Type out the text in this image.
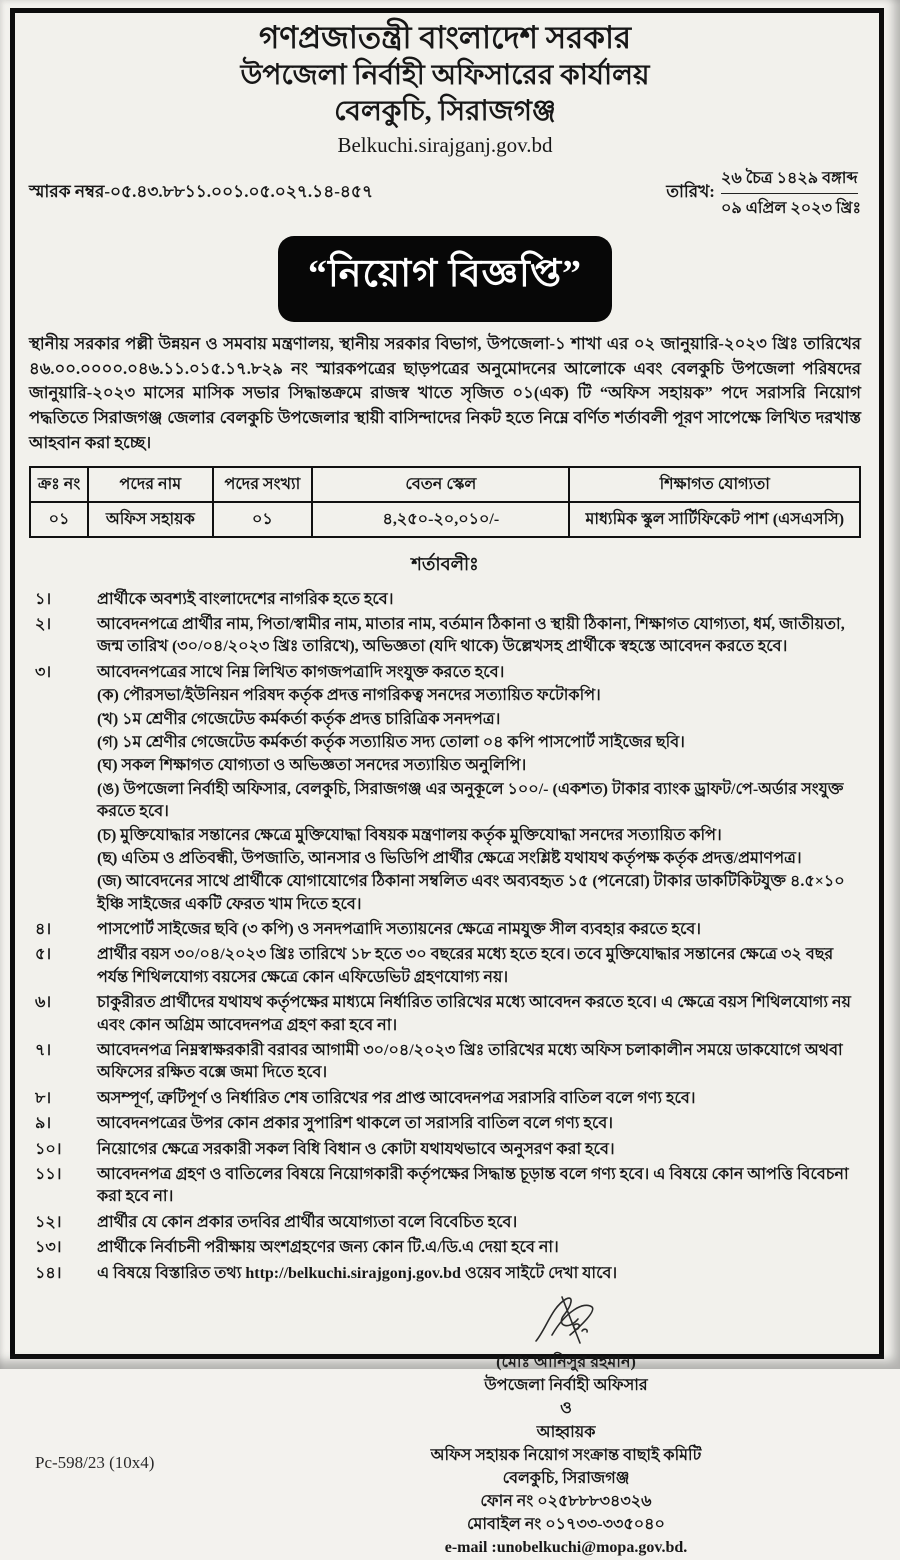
গণপ্রজাতন্ত্রী বাংলাদেশ সরকার
উপজেলা নির্বাহী অফিসারের কার্যালয়
বেলকুচি, সিরাজগঞ্জ
Belkuchi.sirajganj.gov.bd
স্মারক নম্বর-০৫.৪৩.৮৮১১.০০১.০৫.০২৭.১৪-৪৫৭	তারিখ:
২৬ চৈত্র ১৪২৯ বঙ্গাব্দ
০৯ এপ্রিল ২০২৩ খ্রিঃ
“নিয়োগ বিজ্ঞপ্তি”
স্থানীয় সরকার পল্লী উন্নয়ন ও সমবায় মন্ত্রণালয়, স্থানীয় সরকার বিভাগ, উপজেলা-১ শাখা এর ০২ জানুয়ারি-২০২৩ খ্রিঃ তারিখের ৪৬.০০.০০০০.০৪৬.১১.০১৫.১৭.৮২৯ নং স্মারকপত্রের ছাড়পত্রের অনুমোদনের আলোকে এবং বেলকুচি উপজেলা পরিষদের জানুয়ারি-২০২৩ মাসের মাসিক সভার সিদ্ধান্তক্রমে রাজস্ব খাতে সৃজিত ০১(এক) টি “অফিস সহায়ক” পদে সরাসরি নিয়োগ পদ্ধতিতে সিরাজগঞ্জ জেলার বেলকুচি উপজেলার স্থায়ী বাসিন্দাদের নিকট হতে নিম্নে বর্ণিত শর্তাবলী পূরণ সাপেক্ষে লিখিত দরখাস্ত আহবান করা হচ্ছে।
ক্রঃ নং	পদের নাম	পদের সংখ্যা	বেতন স্কেল	শিক্ষাগত যোগ্যতা
০১	অফিস সহায়ক	০১	৪,২৫০-২০,০১০/-	মাধ্যমিক স্কুল সার্টিফিকেট পাশ (এসএসসি)
শর্তাবলীঃ
১।	প্রার্থীকে অবশ্যই বাংলাদেশের নাগরিক হতে হবে।
২।	আবেদনপত্রে প্রার্থীর নাম, পিতা/স্বামীর নাম, মাতার নাম, বর্তমান ঠিকানা ও স্থায়ী ঠিকানা, শিক্ষাগত যোগ্যতা, ধর্ম, জাতীয়তা, জন্ম তারিখ (৩০/০৪/২০২৩ খ্রিঃ তারিখে), অভিজ্ঞতা (যদি থাকে) উল্লেখসহ প্রার্থীকে স্বহস্তে আবেদন করতে হবে।
৩।	আবেদনপত্রের সাথে নিম্ন লিখিত কাগজপত্রাদি সংযুক্ত করতে হবে।
(ক) পৌরসভা/ইউনিয়ন পরিষদ কর্তৃক প্রদত্ত নাগরিকত্ব সনদের সত্যায়িত ফটোকপি।
(খ) ১ম শ্রেণীর গেজেটেড কর্মকর্তা কর্তৃক প্রদত্ত চারিত্রিক সনদপত্র।
(গ) ১ম শ্রেণীর গেজেটেড কর্মকর্তা কর্তৃক সত্যায়িত সদ্য তোলা ০৪ কপি পাসপোর্ট সাইজের ছবি।
(ঘ) সকল শিক্ষাগত যোগ্যতা ও অভিজ্ঞতা সনদের সত্যায়িত অনুলিপি।
(ঙ) উপজেলা নির্বাহী অফিসার, বেলকুচি, সিরাজগঞ্জ এর অনুকূলে ১০০/- (একশত) টাকার ব্যাংক ড্রাফট/পে-অর্ডার সংযুক্ত করতে হবে।
(চ) মুক্তিযোদ্ধার সন্তানের ক্ষেত্রে মুক্তিযোদ্ধা বিষয়ক মন্ত্রণালয় কর্তৃক মুক্তিযোদ্ধা সনদের সত্যায়িত কপি।
(ছ) এতিম ও প্রতিবন্ধী, উপজাতি, আনসার ও ভিডিপি প্রার্থীর ক্ষেত্রে সংশ্লিষ্ট যথাযথ কর্তৃপক্ষ কর্তৃক প্রদত্ত/প্রমাণপত্র।
(জ) আবেদনের সাথে প্রার্থীকে যোগাযোগের ঠিকানা সম্বলিত এবং অব্যবহৃত ১৫ (পনেরো) টাকার ডাকটিকিটযুক্ত ৪.৫×১০ ইঞ্চি সাইজের একটি ফেরত খাম দিতে হবে।
৪।	পাসপোর্ট সাইজের ছবি (৩ কপি) ও সনদপত্রাদি সত্যায়নের ক্ষেত্রে নামযুক্ত সীল ব্যবহার করতে হবে।
৫।	প্রার্থীর বয়স ৩০/০৪/২০২৩ খ্রিঃ তারিখে ১৮ হতে ৩০ বছরের মধ্যে হতে হবে। তবে মুক্তিযোদ্ধার সন্তানের ক্ষেত্রে ৩২ বছর পর্যন্ত শিথিলযোগ্য বয়সের ক্ষেত্রে কোন এফিডেভিট গ্রহণযোগ্য নয়।
৬।	চাকুরীরত প্রার্থীদের যথাযথ কর্তৃপক্ষের মাধ্যমে নির্ধারিত তারিখের মধ্যে আবেদন করতে হবে। এ ক্ষেত্রে বয়স শিথিলযোগ্য নয় এবং কোন অগ্রিম আবেদনপত্র গ্রহণ করা হবে না।
৭।	আবেদনপত্র নিম্নস্বাক্ষরকারী বরাবর আগামী ৩০/০৪/২০২৩ খ্রিঃ তারিখের মধ্যে অফিস চলাকালীন সময়ে ডাকযোগে অথবা অফিসের রক্ষিত বক্সে জমা দিতে হবে।
৮।	অসম্পূর্ণ, ত্রুটিপূর্ণ ও নির্ধারিত শেষ তারিখের পর প্রাপ্ত আবেদনপত্র সরাসরি বাতিল বলে গণ্য হবে।
৯।	আবেদনপত্রের উপর কোন প্রকার সুপারিশ থাকলে তা সরাসরি বাতিল বলে গণ্য হবে।
১০।	নিয়োগের ক্ষেত্রে সরকারী সকল বিধি বিধান ও কোটা যথাযথভাবে অনুসরণ করা হবে।
১১।	আবেদনপত্র গ্রহণ ও বাতিলের বিষয়ে নিয়োগকারী কর্তৃপক্ষের সিদ্ধান্ত চূড়ান্ত বলে গণ্য হবে। এ বিষয়ে কোন আপত্তি বিবেচনা করা হবে না।
১২।	প্রার্থীর যে কোন প্রকার তদবির প্রার্থীর অযোগ্যতা বলে বিবেচিত হবে।
১৩।	প্রার্থীকে নির্বাচনী পরীক্ষায় অংশগ্রহণের জন্য কোন টি.এ/ডি.এ দেয়া হবে না।
১৪।	এ বিষয়ে বিস্তারিত তথ্য http://belkuchi.sirajgonj.gov.bd ওয়েব সাইটে দেখা যাবে।
(মোঃ আনিসুর রহমান)
উপজেলা নির্বাহী অফিসার
ও
আহ্বায়ক
অফিস সহায়ক নিয়োগ সংক্রান্ত বাছাই কমিটি
বেলকুচি, সিরাজগঞ্জ
ফোন নং ০২৫৮৮৮৩৪৩২৬
মোবাইল নং ০১৭৩৩-৩৩৫০৪০
e-mail :unobelkuchi@mopa.gov.bd.
Pc-598/23 (10x4)
